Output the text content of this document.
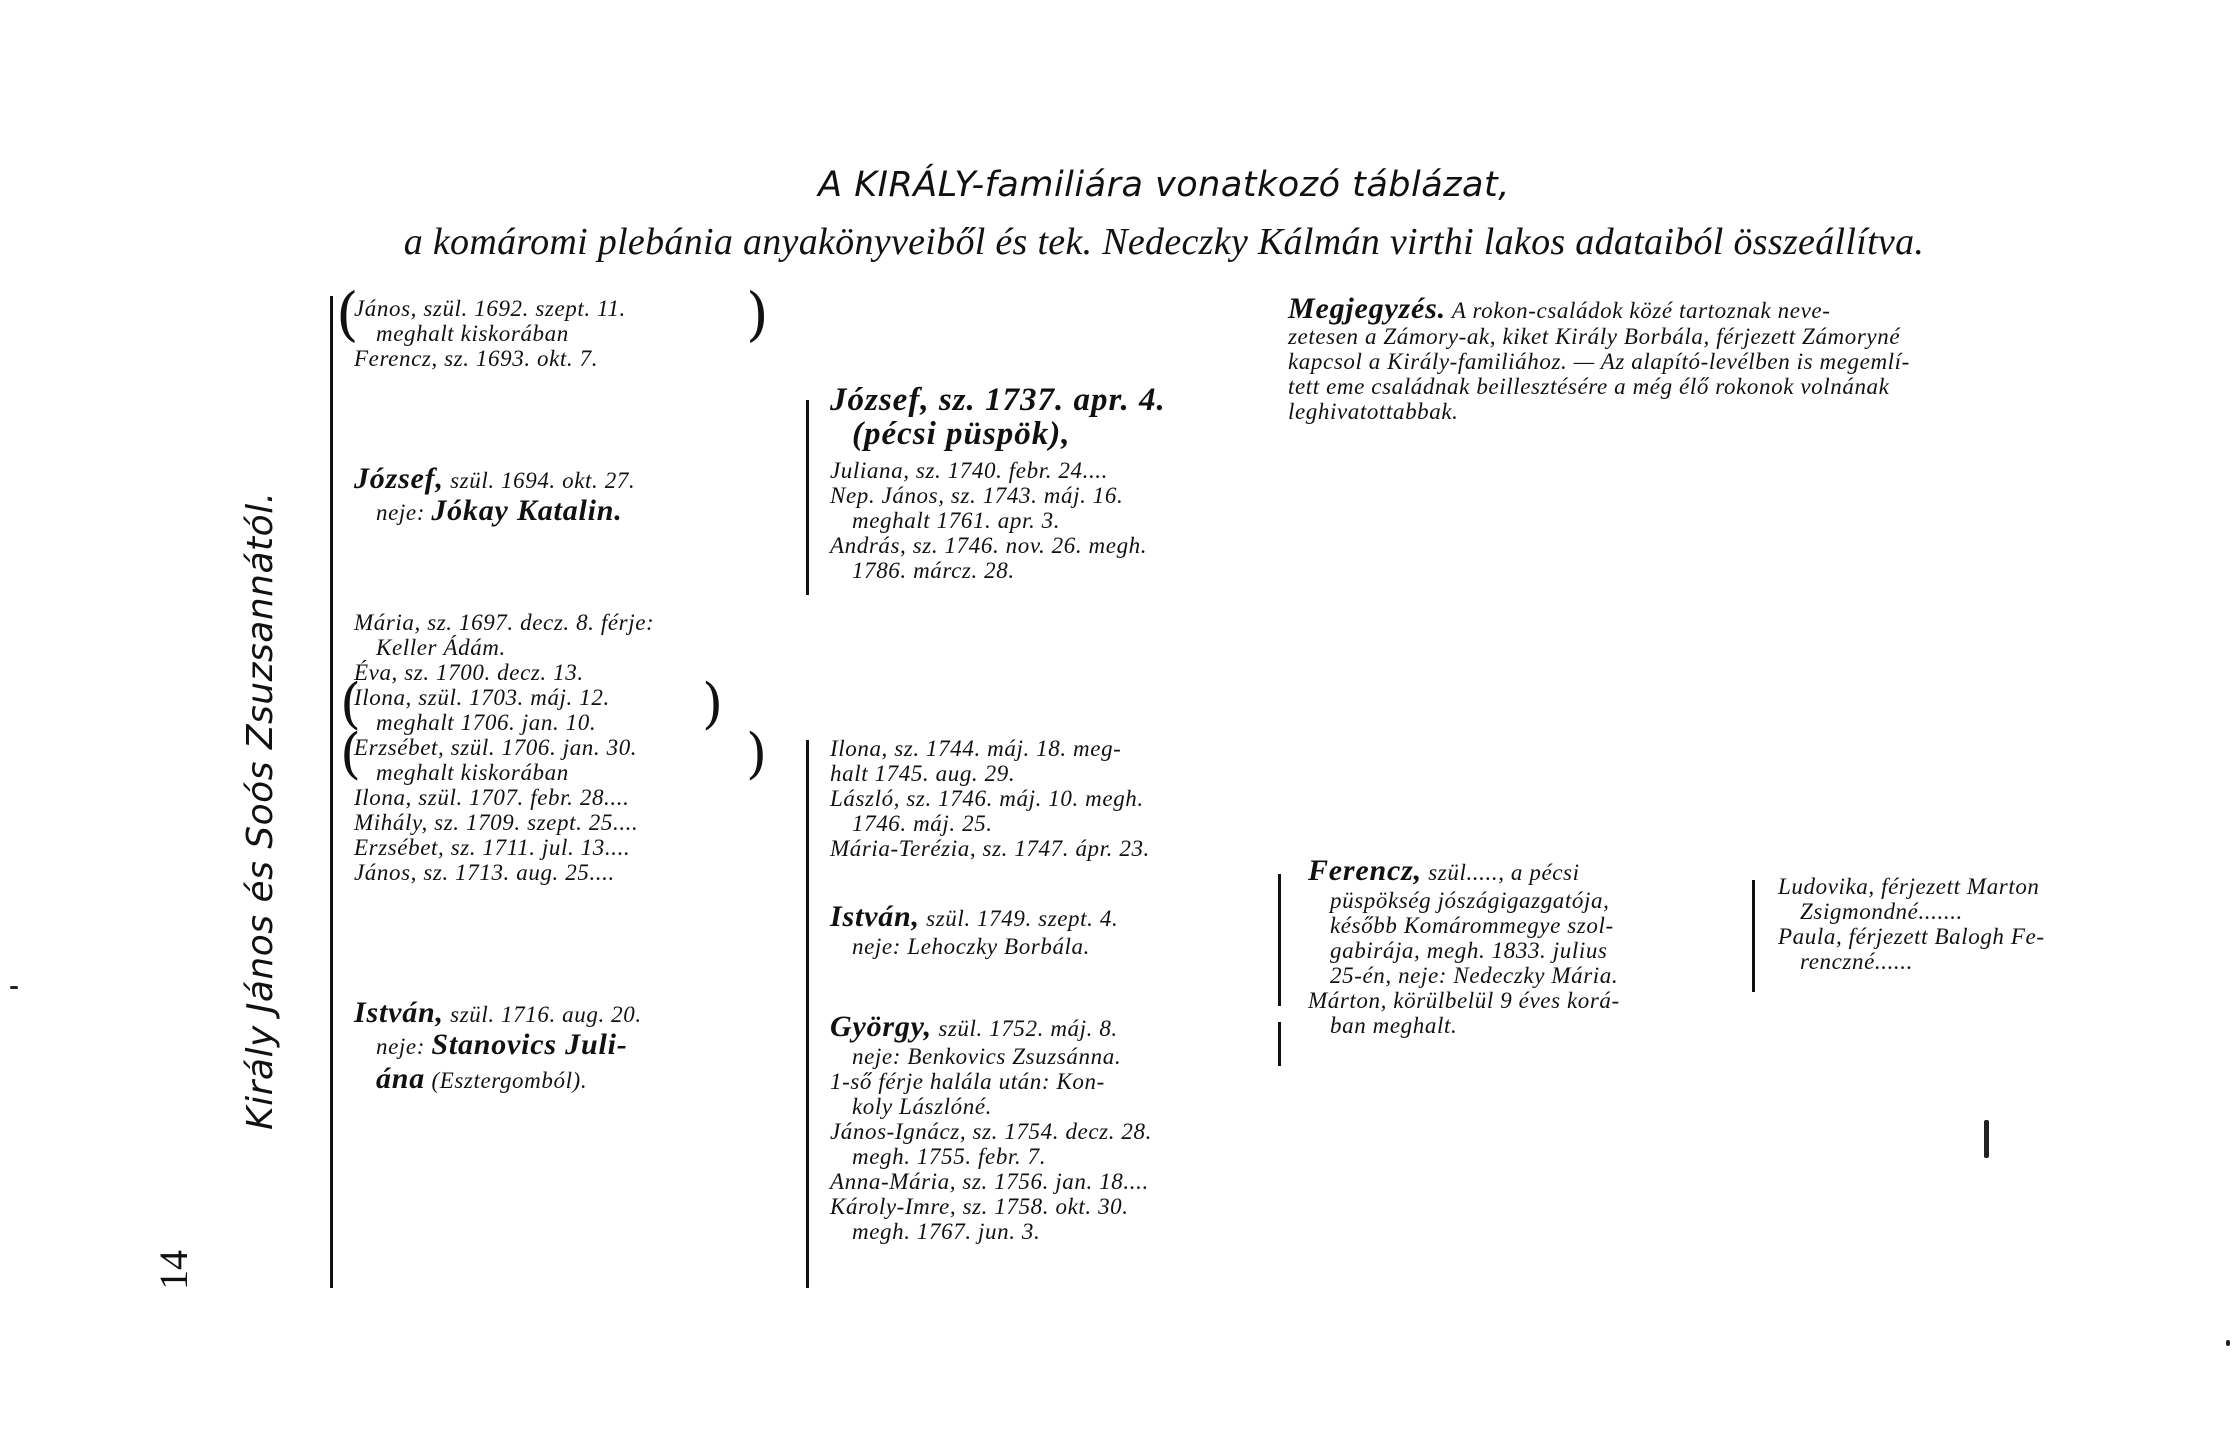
A KIRÁLY-familiára vonatkozó táblázat,
a komáromi plebánia anyakönyveiből és tek. Nedeczky Kálmán virthi lakos adataiból összeállítva.
Király János és Soós Zsuzsannától.
14
János, szül. 1692. szept. 11.
meghalt kiskorában
Ferencz, sz. 1693. okt. 7.
(	)
József, szül. 1694. okt. 27.
neje: Jókay Katalin.
Mária, sz. 1697. decz. 8. férje:
Keller Ádám.
Éva, sz. 1700. decz. 13.
Ilona, szül. 1703. máj. 12.
meghalt 1706. jan. 10.
Erzsébet, szül. 1706. jan. 30.
meghalt kiskorában
Ilona, szül. 1707. febr. 28....
Mihály, sz. 1709. szept. 25....
Erzsébet, sz. 1711. jul. 13....
János, sz. 1713. aug. 25....
(	)
(	)
István, szül. 1716. aug. 20.
neje: Stanovics Juli-
ána (Esztergomból).
József, sz. 1737. apr. 4.
(pécsi püspök),
Juliana, sz. 1740. febr. 24....
Nep. János, sz. 1743. máj. 16.
meghalt 1761. apr. 3.
András, sz. 1746. nov. 26. megh.
1786. márcz. 28.
Ilona, sz. 1744. máj. 18. meg-
halt 1745. aug. 29.
László, sz. 1746. máj. 10. megh.
1746. máj. 25.
Mária-Terézia, sz. 1747. ápr. 23.
István, szül. 1749. szept. 4.
neje: Lehoczky Borbála.
György, szül. 1752. máj. 8.
neje: Benkovics Zsuzsánna.
1-ső férje halála után: Kon-
koly Lászlóné.
János-Ignácz, sz. 1754. decz. 28.
megh. 1755. febr. 7.
Anna-Mária, sz. 1756. jan. 18....
Károly-Imre, sz. 1758. okt. 30.
megh. 1767. jun. 3.
Ferencz, szül....., a pécsi
püspökség jószágigazgatója,
később Komárommegye szol-
gabirája, megh. 1833. julius
25-én, neje: Nedeczky Mária.
Márton, körülbelül 9 éves korá-
ban meghalt.
Ludovika, férjezett Marton
Zsigmondné.......
Paula, férjezett Balogh Fe-
renczné......
Megjegyzés. A rokon-családok közé tartoznak neve-
zetesen a Zámory-ak, kiket Király Borbála, férjezett Zámoryné
kapcsol a Király-familiához. — Az alapító-levélben is megemlí-
tett eme családnak beillesztésére a még élő rokonok volnának
leghivatottabbak.
